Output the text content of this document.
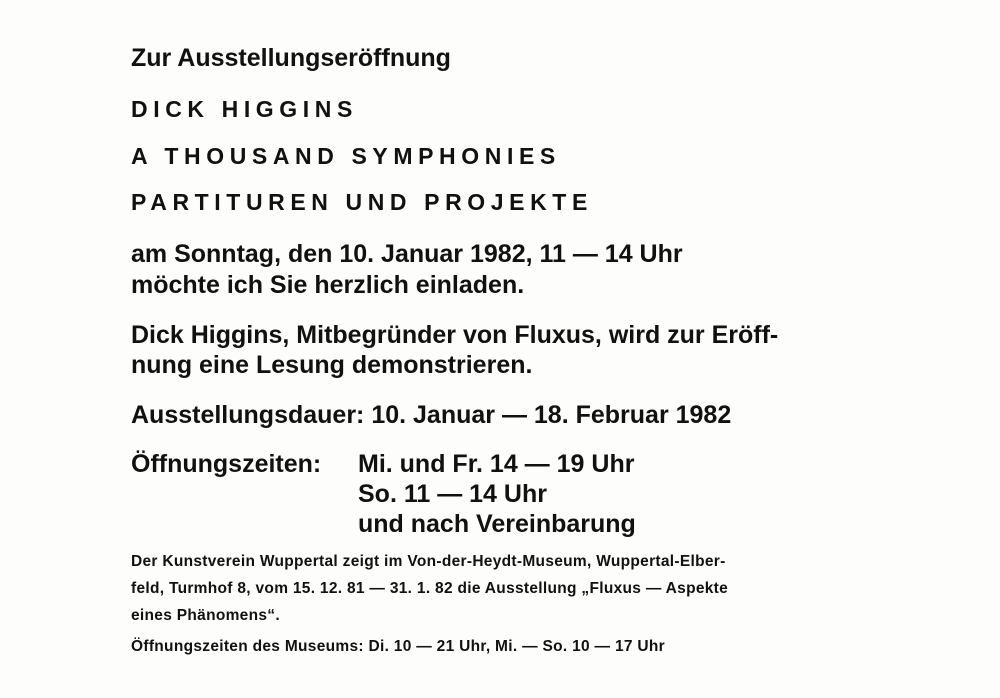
Zur Ausstellungseröffnung

DICK HIGGINS

A THOUSAND SYMPHONIES

PARTITUREN UND PROJEKTE

am Sonntag, den 10. Januar 1982, 11 — 14 Uhr

möchte ich Sie herzlich einladen.

Dick Higgins, Mitbegründer von Fluxus, wird zur Eröff-

nung eine Lesung demonstrieren.

Ausstellungsdauer: 10. Januar — 18. Februar 1982

Öffnungszeiten: Mi. und Fr. 14 — 19 Uhr

So. 11 — 14 Uhr

und nach Vereinbarung

Der Kunstverein Wuppertal zeigt im Von-der-Heydt-Museum, Wuppertal-Elber-

feld, Turmhof 8, vom 15. 12. 81 — 31. 1. 82 die Ausstellung „Fluxus — Aspekte

eines Phänomens“.

Öffnungszeiten des Museums: Di. 10 — 21 Uhr, Mi. — So. 10 — 17 Uhr
